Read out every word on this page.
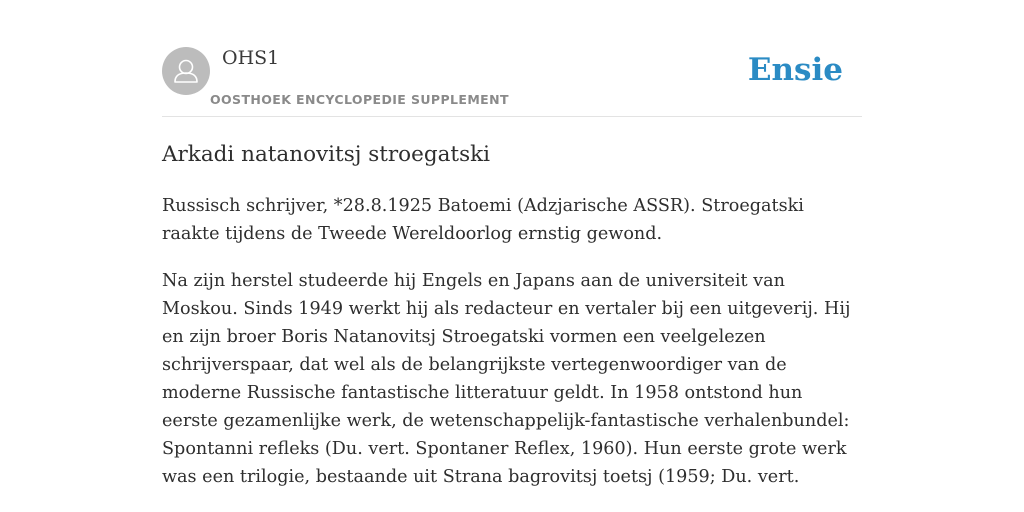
OHS1
OOSTHOEK ENCYCLOPEDIE SUPPLEMENT
Ensie
Arkadi natanovitsj stroegatski

Russisch schrijver, *28.8.1925 Batoemi (Adzjarische ASSR). Stroegatski raakte tijdens de Tweede Wereldoorlog ernstig gewond.

Na zijn herstel studeerde hij Engels en Japans aan de universiteit van Moskou. Sinds 1949 werkt hij als redacteur en vertaler bij een uitgeverij. Hij en zijn broer Boris Natanovitsj Stroegatski vormen een veelgelezen schrijverspaar, dat wel als de belangrijkste vertegenwoordiger van de moderne Russische fantastische litteratuur geldt. In 1958 ontstond hun eerste gezamenlijke werk, de wetenschappelijk-fantastische verhalenbundel: Spontanni refleks (Du. vert. Spontaner Reflex, 1960). Hun eerste grote werk was een trilogie, bestaande uit Strana bagrovitsj toetsj (1959; Du. vert.
